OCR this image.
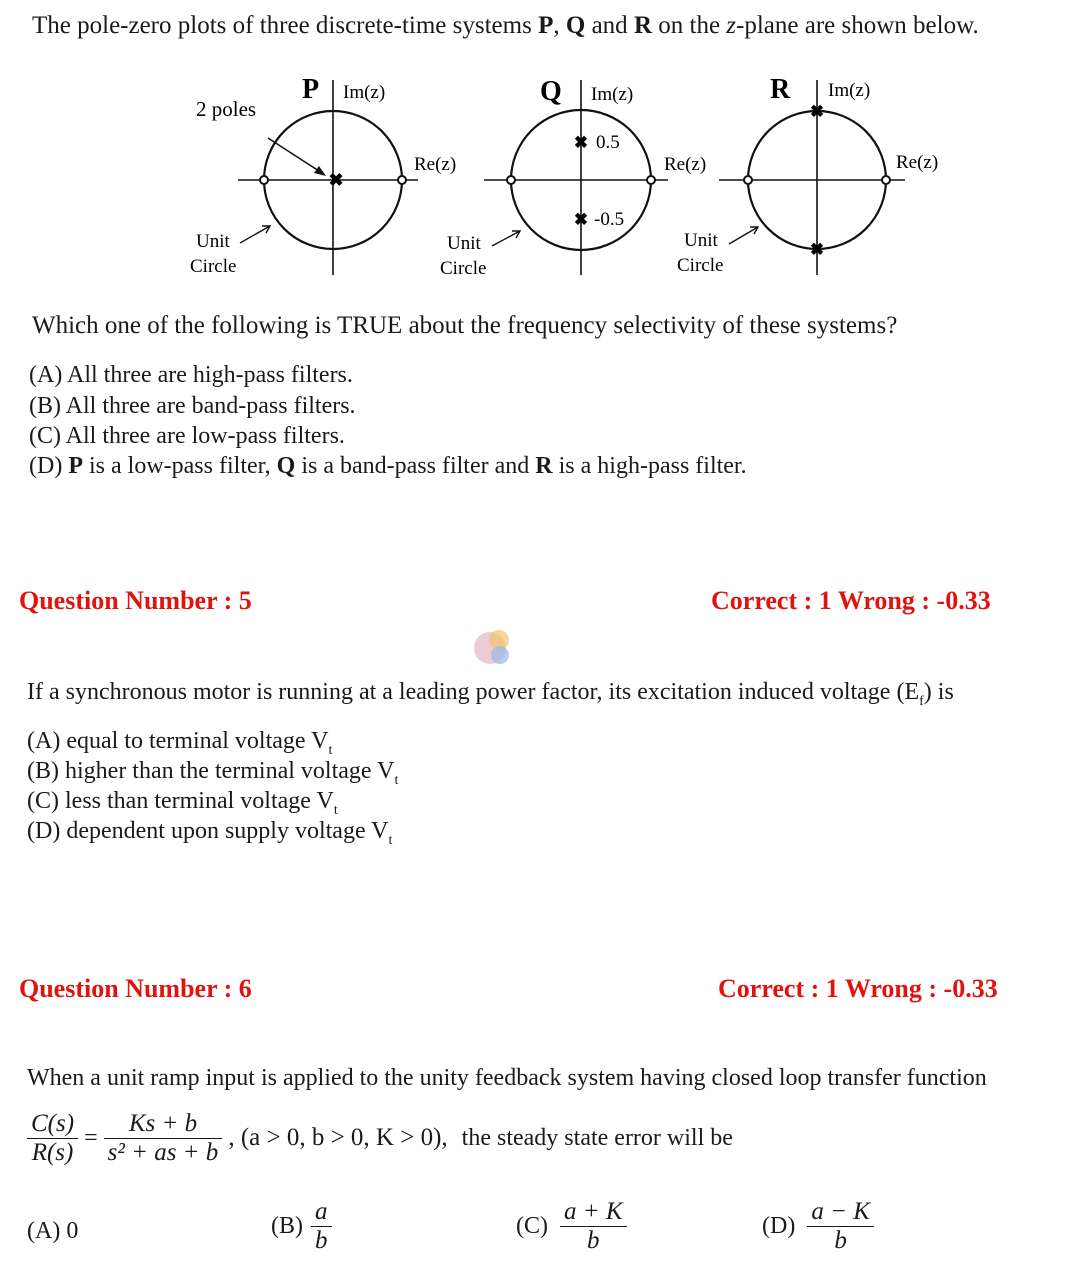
The pole-zero plots of three discrete-time systems P, Q and R on the z-plane are shown below.
✖
P Im(z)
Re(z)
2 poles
Unit
Circle
✖
✖
0.5
-0.5
Q Im(z)
Re(z)
Unit
Circle
✖
✖
R Im(z)
Re(z)
Unit
Circle
Which one of the following is TRUE about the frequency selectivity of these systems?
(A) All three are high-pass filters.
(B) All three are band-pass filters.
(C) All three are low-pass filters.
(D) P is a low-pass filter, Q is a band-pass filter and R is a high-pass filter.
Question Number : 5	Correct : 1 Wrong : -0.33
If a synchronous motor is running at a leading power factor, its excitation induced voltage $(E_f)$ is
(A) equal to terminal voltage $V_t$
(B) higher than the terminal voltage $V_t$
(C) less than terminal voltage $V_t$
(D) dependent upon supply voltage $V_t$
Question Number : 6	Correct : 1 Wrong : -0.33
When a unit ramp input is applied to the unity feedback system having closed loop transfer function
$\frac{C(s)}{R(s)} = \frac{Ks + b}{\text{s² + as + b}}$ , (a > 0, b > 0, K > 0), the steady state error will be
(A) 0	$(B) \frac{a}{b}$	$(C) \frac{a + K}{b}$	$(D) \frac{a - K}{b}$
